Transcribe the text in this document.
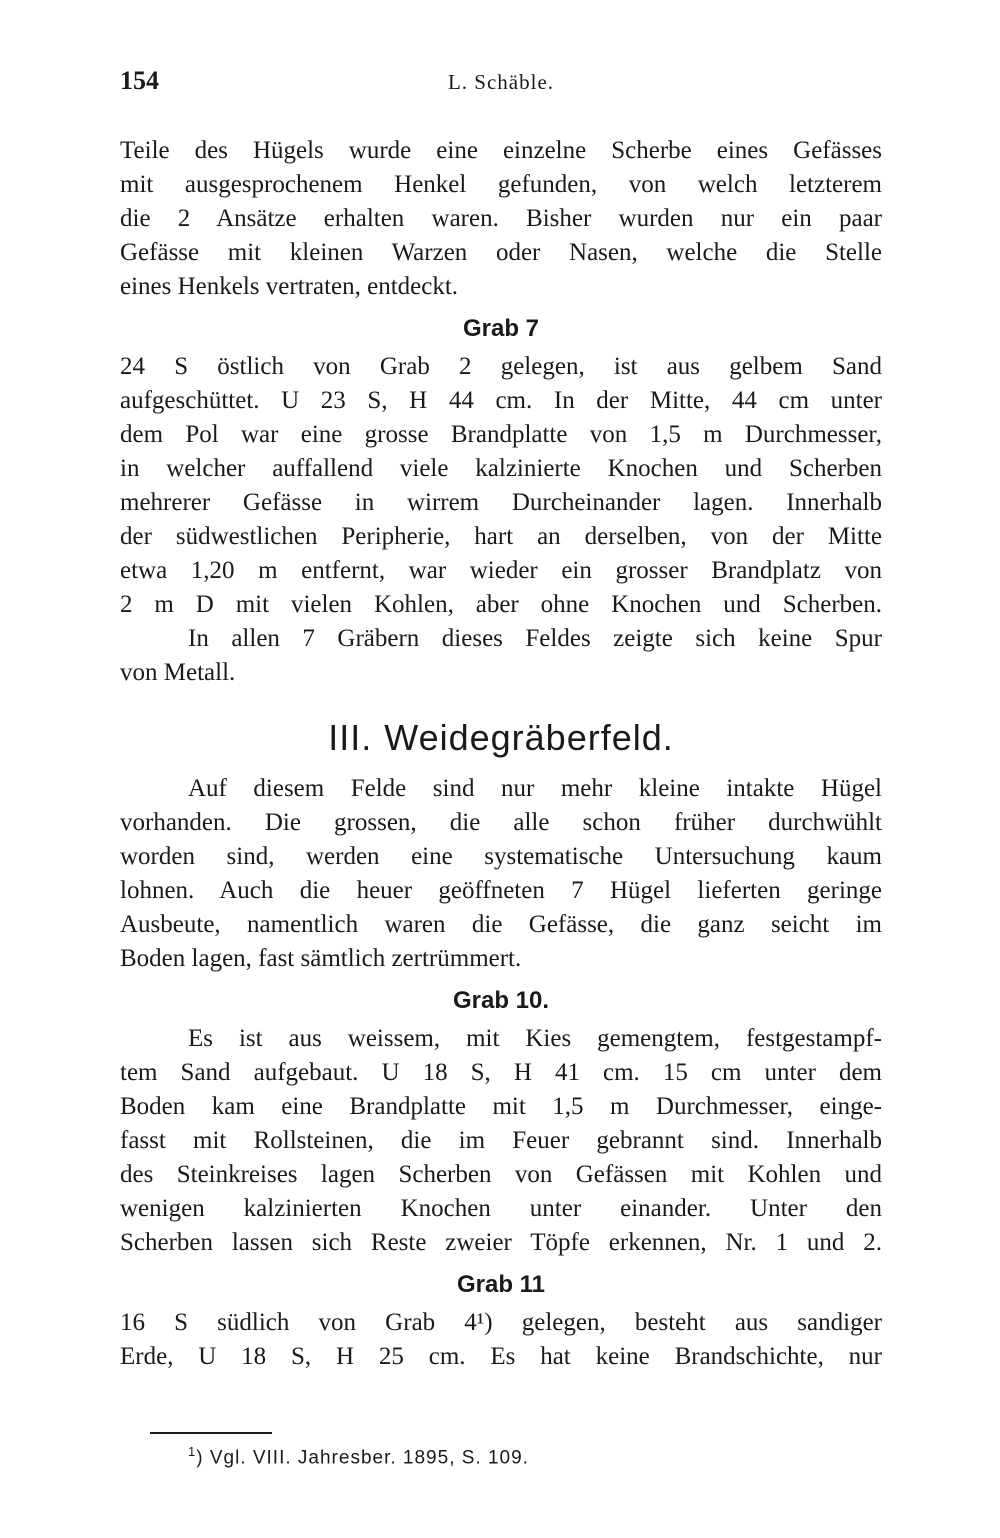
154	L. Schäble.
Teile des Hügels wurde eine einzelne Scherbe eines Gefässes
mit ausgesprochenem Henkel gefunden, von welch letzterem
die 2 Ansätze erhalten waren. Bisher wurden nur ein paar
Gefässe mit kleinen Warzen oder Nasen, welche die Stelle
eines Henkels vertraten, entdeckt.
Grab 7
24 S östlich von Grab 2 gelegen, ist aus gelbem Sand
aufgeschüttet. U 23 S, H 44 cm. In der Mitte, 44 cm unter
dem Pol war eine grosse Brandplatte von 1,5 m Durchmesser,
in welcher auffallend viele kalzinierte Knochen und Scherben
mehrerer Gefässe in wirrem Durcheinander lagen. Innerhalb
der südwestlichen Peripherie, hart an derselben, von der Mitte
etwa 1,20 m entfernt, war wieder ein grosser Brandplatz von
2 m D mit vielen Kohlen, aber ohne Knochen und Scherben.
In allen 7 Gräbern dieses Feldes zeigte sich keine Spur
von Metall.
III. Weidegräberfeld.
Auf diesem Felde sind nur mehr kleine intakte Hügel
vorhanden. Die grossen, die alle schon früher durchwühlt
worden sind, werden eine systematische Untersuchung kaum
lohnen. Auch die heuer geöffneten 7 Hügel lieferten geringe
Ausbeute, namentlich waren die Gefässe, die ganz seicht im
Boden lagen, fast sämtlich zertrümmert.
Grab 10.
Es ist aus weissem, mit Kies gemengtem, festgestampf-
tem Sand aufgebaut. U 18 S, H 41 cm. 15 cm unter dem
Boden kam eine Brandplatte mit 1,5 m Durchmesser, einge-
fasst mit Rollsteinen, die im Feuer gebrannt sind. Innerhalb
des Steinkreises lagen Scherben von Gefässen mit Kohlen und
wenigen kalzinierten Knochen unter einander. Unter den
Scherben lassen sich Reste zweier Töpfe erkennen, Nr. 1 und 2.
Grab 11
16 S südlich von Grab 4¹) gelegen, besteht aus sandiger
Erde, U 18 S, H 25 cm. Es hat keine Brandschichte, nur
$^1$) Vgl. VIII. Jahresber. 1895, S. 109.
